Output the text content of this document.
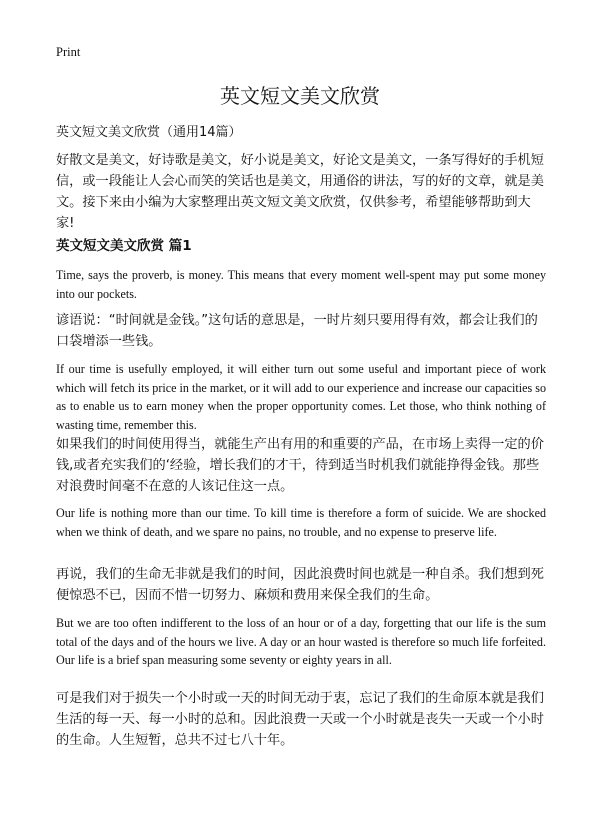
Print
英文短文美文欣赏
英文短文美文欣赏（通用14篇）
好散文是美文，好诗歌是美文，好小说是美文，好论文是美文，一条写得好的手机短信，或一段能让人会心而笑的笑话也是美文，用通俗的讲法，写的好的文章，就是美文。接下来由小编为大家整理出英文短文美文欣赏，仅供参考，希望能够帮助到大家!
英文短文美文欣赏 篇1
Time, says the proverb, is money. This means that every moment well-spent may put some money into our pockets.
谚语说：“时间就是金钱。”这句话的意思是，一时片刻只要用得有效，都会让我们的口袋增添一些钱。
If our time is usefully employed, it will either turn out some useful and important piece of work which will fetch its price in the market, or it will add to our experience and increase our capacities so as to enable us to earn money when the proper opportunity comes. Let those, who think nothing of wasting time, remember this.
如果我们的时间使用得当，就能生产出有用的和重要的产品，在市场上卖得一定的价钱,或者充实我们的‘经验，增长我们的才干，待到适当时机我们就能挣得金钱。那些对浪费时间毫不在意的人该记住这一点。
Our life is nothing more than our time. To kill time is therefore a form of suicide. We are shocked when we think of death, and we spare no pains, no trouble, and no expense to preserve life.
再说，我们的生命无非就是我们的时间，因此浪费时间也就是一种自杀。我们想到死便惊恐不已，因而不惜一切努力、麻烦和费用来保全我们的生命。
But we are too often indifferent to the loss of an hour or of a day, forgetting that our life is the sum total of the days and of the hours we live. A day or an hour wasted is therefore so much life forfeited. Our life is a brief span measuring some seventy or eighty years in all.
可是我们对于损失一个小时或一天的时间无动于衷，忘记了我们的生命原本就是我们生活的每一天、每一小时的总和。因此浪费一天或一个小时就是丧失一天或一个小时的生命。人生短暂，总共不过七八十年。
